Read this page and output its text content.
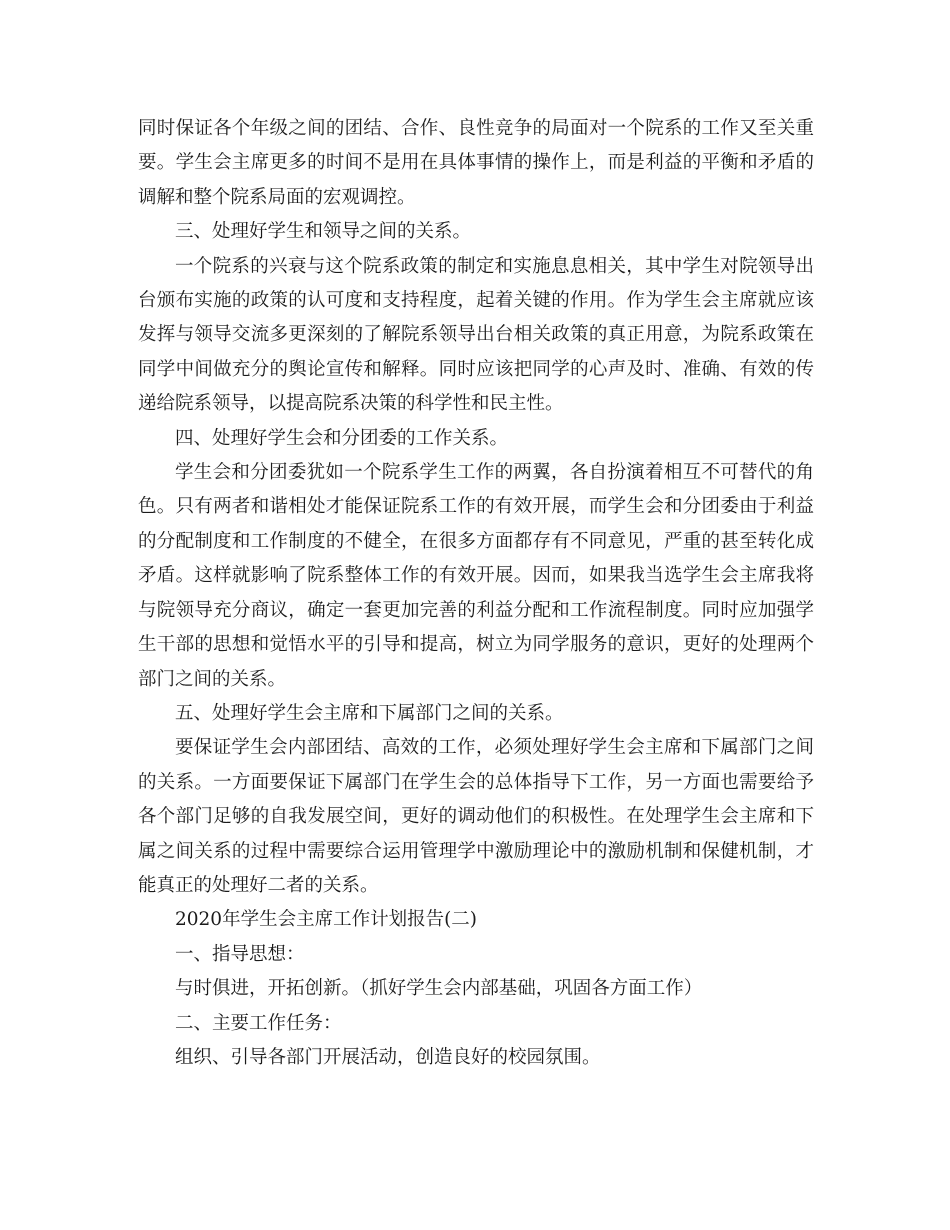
同时保证各个年级之间的团结、合作、良性竞争的局面对一个院系的工作又至关重要。学生会主席更多的时间不是用在具体事情的操作上，而是利益的平衡和矛盾的调解和整个院系局面的宏观调控。

三、处理好学生和领导之间的关系。

一个院系的兴衰与这个院系政策的制定和实施息息相关，其中学生对院领导出台颁布实施的政策的认可度和支持程度，起着关键的作用。作为学生会主席就应该发挥与领导交流多更深刻的了解院系领导出台相关政策的真正用意，为院系政策在同学中间做充分的舆论宣传和解释。同时应该把同学的心声及时、准确、有效的传递给院系领导，以提高院系决策的科学性和民主性。

四、处理好学生会和分团委的工作关系。

学生会和分团委犹如一个院系学生工作的两翼，各自扮演着相互不可替代的角色。只有两者和谐相处才能保证院系工作的有效开展，而学生会和分团委由于利益的分配制度和工作制度的不健全，在很多方面都存有不同意见，严重的甚至转化成矛盾。这样就影响了院系整体工作的有效开展。因而，如果我当选学生会主席我将与院领导充分商议，确定一套更加完善的利益分配和工作流程制度。同时应加强学生干部的思想和觉悟水平的引导和提高，树立为同学服务的意识，更好的处理两个部门之间的关系。

五、处理好学生会主席和下属部门之间的关系。

要保证学生会内部团结、高效的工作，必须处理好学生会主席和下属部门之间的关系。一方面要保证下属部门在学生会的总体指导下工作，另一方面也需要给予各个部门足够的自我发展空间，更好的调动他们的积极性。在处理学生会主席和下属之间关系的过程中需要综合运用管理学中激励理论中的激励机制和保健机制，才能真正的处理好二者的关系。

2020年学生会主席工作计划报告(二)

一、指导思想：

与时俱进，开拓创新。（抓好学生会内部基础，巩固各方面工作）

二、主要工作任务：

组织、引导各部门开展活动，创造良好的校园氛围。
